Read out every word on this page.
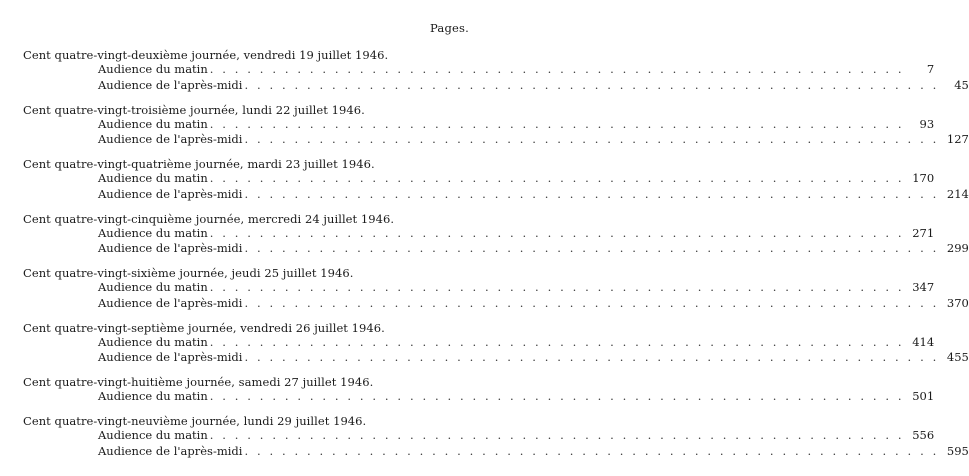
Pages.
Cent quatre-vingt-deuxième journée, vendredi 19 juillet 1946.
Audience du matin . . . . . . . . . . . . . . . . . . . . . . . . . . . . . . . . . . . . . . . . . . . . . . . . . . . . . . . .	7
Audience de l'après-midi . . . . . . . . . . . . . . . . . . . . . . . . . . . . . . . . . . . . . . . . . . . . . . . . . . . . . . . .	45
Cent quatre-vingt-troisième journée, lundi 22 juillet 1946.
Audience du matin . . . . . . . . . . . . . . . . . . . . . . . . . . . . . . . . . . . . . . . . . . . . . . . . . . . . . . . .	93
Audience de l'après-midi . . . . . . . . . . . . . . . . . . . . . . . . . . . . . . . . . . . . . . . . . . . . . . . . . . . . . . . . 127
Cent quatre-vingt-quatrième journée, mardi 23 juillet 1946.
Audience du matin . . . . . . . . . . . . . . . . . . . . . . . . . . . . . . . . . . . . . . . . . . . . . . . . . . . . . . . . 170
Audience de l'après-midi . . . . . . . . . . . . . . . . . . . . . . . . . . . . . . . . . . . . . . . . . . . . . . . . . . . . . . . . 214
Cent quatre-vingt-cinquième journée, mercredi 24 juillet 1946.
Audience du matin . . . . . . . . . . . . . . . . . . . . . . . . . . . . . . . . . . . . . . . . . . . . . . . . . . . . . . . . 271
Audience de l'après-midi . . . . . . . . . . . . . . . . . . . . . . . . . . . . . . . . . . . . . . . . . . . . . . . . . . . . . . . . 299
Cent quatre-vingt-sixième journée, jeudi 25 juillet 1946.
Audience du matin . . . . . . . . . . . . . . . . . . . . . . . . . . . . . . . . . . . . . . . . . . . . . . . . . . . . . . . . 347
Audience de l'après-midi . . . . . . . . . . . . . . . . . . . . . . . . . . . . . . . . . . . . . . . . . . . . . . . . . . . . . . . . 370
Cent quatre-vingt-septième journée, vendredi 26 juillet 1946.
Audience du matin . . . . . . . . . . . . . . . . . . . . . . . . . . . . . . . . . . . . . . . . . . . . . . . . . . . . . . . . 414
Audience de l'après-midi . . . . . . . . . . . . . . . . . . . . . . . . . . . . . . . . . . . . . . . . . . . . . . . . . . . . . . . . 455
Cent quatre-vingt-huitième journée, samedi 27 juillet 1946.
Audience du matin . . . . . . . . . . . . . . . . . . . . . . . . . . . . . . . . . . . . . . . . . . . . . . . . . . . . . . . . 501
Cent quatre-vingt-neuvième journée, lundi 29 juillet 1946.
Audience du matin . . . . . . . . . . . . . . . . . . . . . . . . . . . . . . . . . . . . . . . . . . . . . . . . . . . . . . . . 556
Audience de l'après-midi . . . . . . . . . . . . . . . . . . . . . . . . . . . . . . . . . . . . . . . . . . . . . . . . . . . . . . . . 595
